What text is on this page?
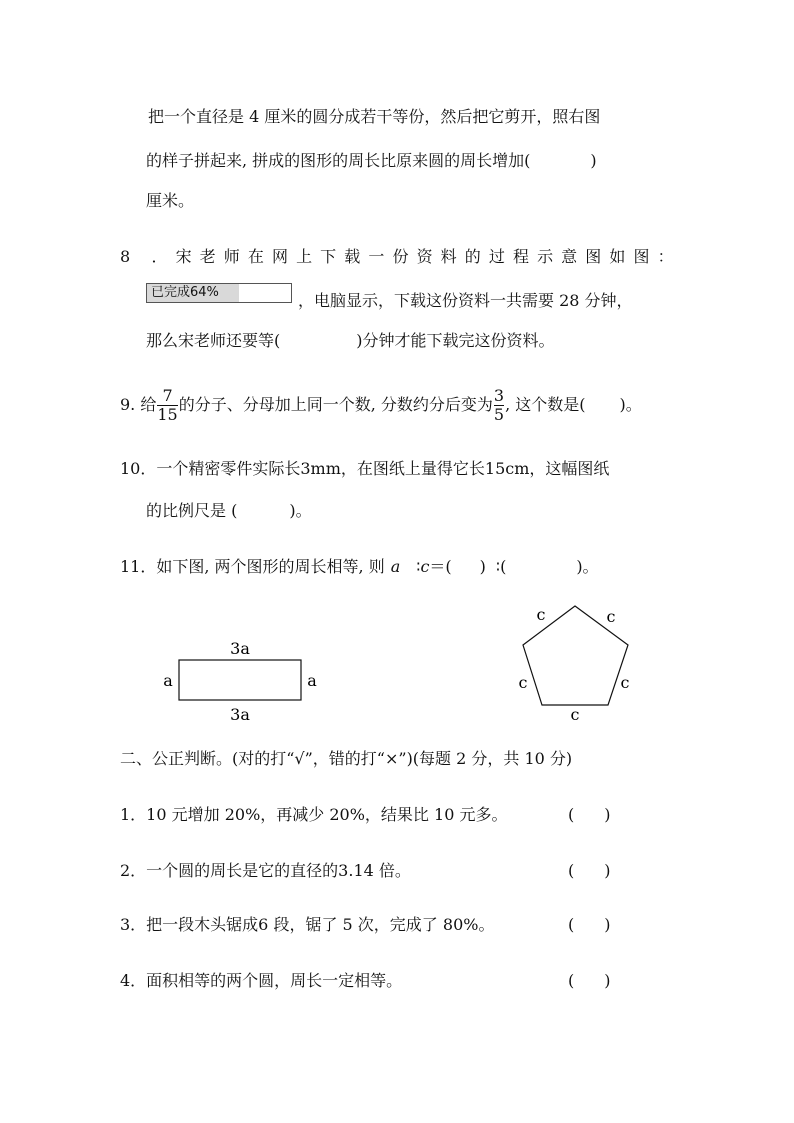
把一个直径是 4 厘米的圆分成若干等份，然后把它剪开，照右图
的样子拼起来, 拼成的图形的周长比原来圆的周长增加(	)
厘米。
8 ．宋老师在网上下载一份资料的过程示意图如图：
已完成64%	，电脑显示，下载这份资料一共需要 28 分钟，
那么宋老师还要等(	)分钟才能下载完这份资料。
9. 给 $\frac{7}{15}$ 的分子、分母加上同一个数, 分数约分后变为 $\frac{3}{5}$ , 这个数是( )。
10．一个精密零件实际长3mm，在图纸上量得它长15cm，这幅图纸
的比例尺是 (	)。
11．如下图, 两个图形的周长相等, 则 a ∶c＝( ) ∶(	)。
3a
3a
a	a
c	c
c	c
c
二、公正判断。(对的打“√”，错的打“×”)(每题 2 分，共 10 分)
1．10 元增加 20%，再减少 20%，结果比 10 元多。	( )
2．一个圆的周长是它的直径的3.14 倍。	( )
3．把一段木头锯成6 段，锯了 5 次，完成了 80%。	( )
4．面积相等的两个圆，周长一定相等。	( )
